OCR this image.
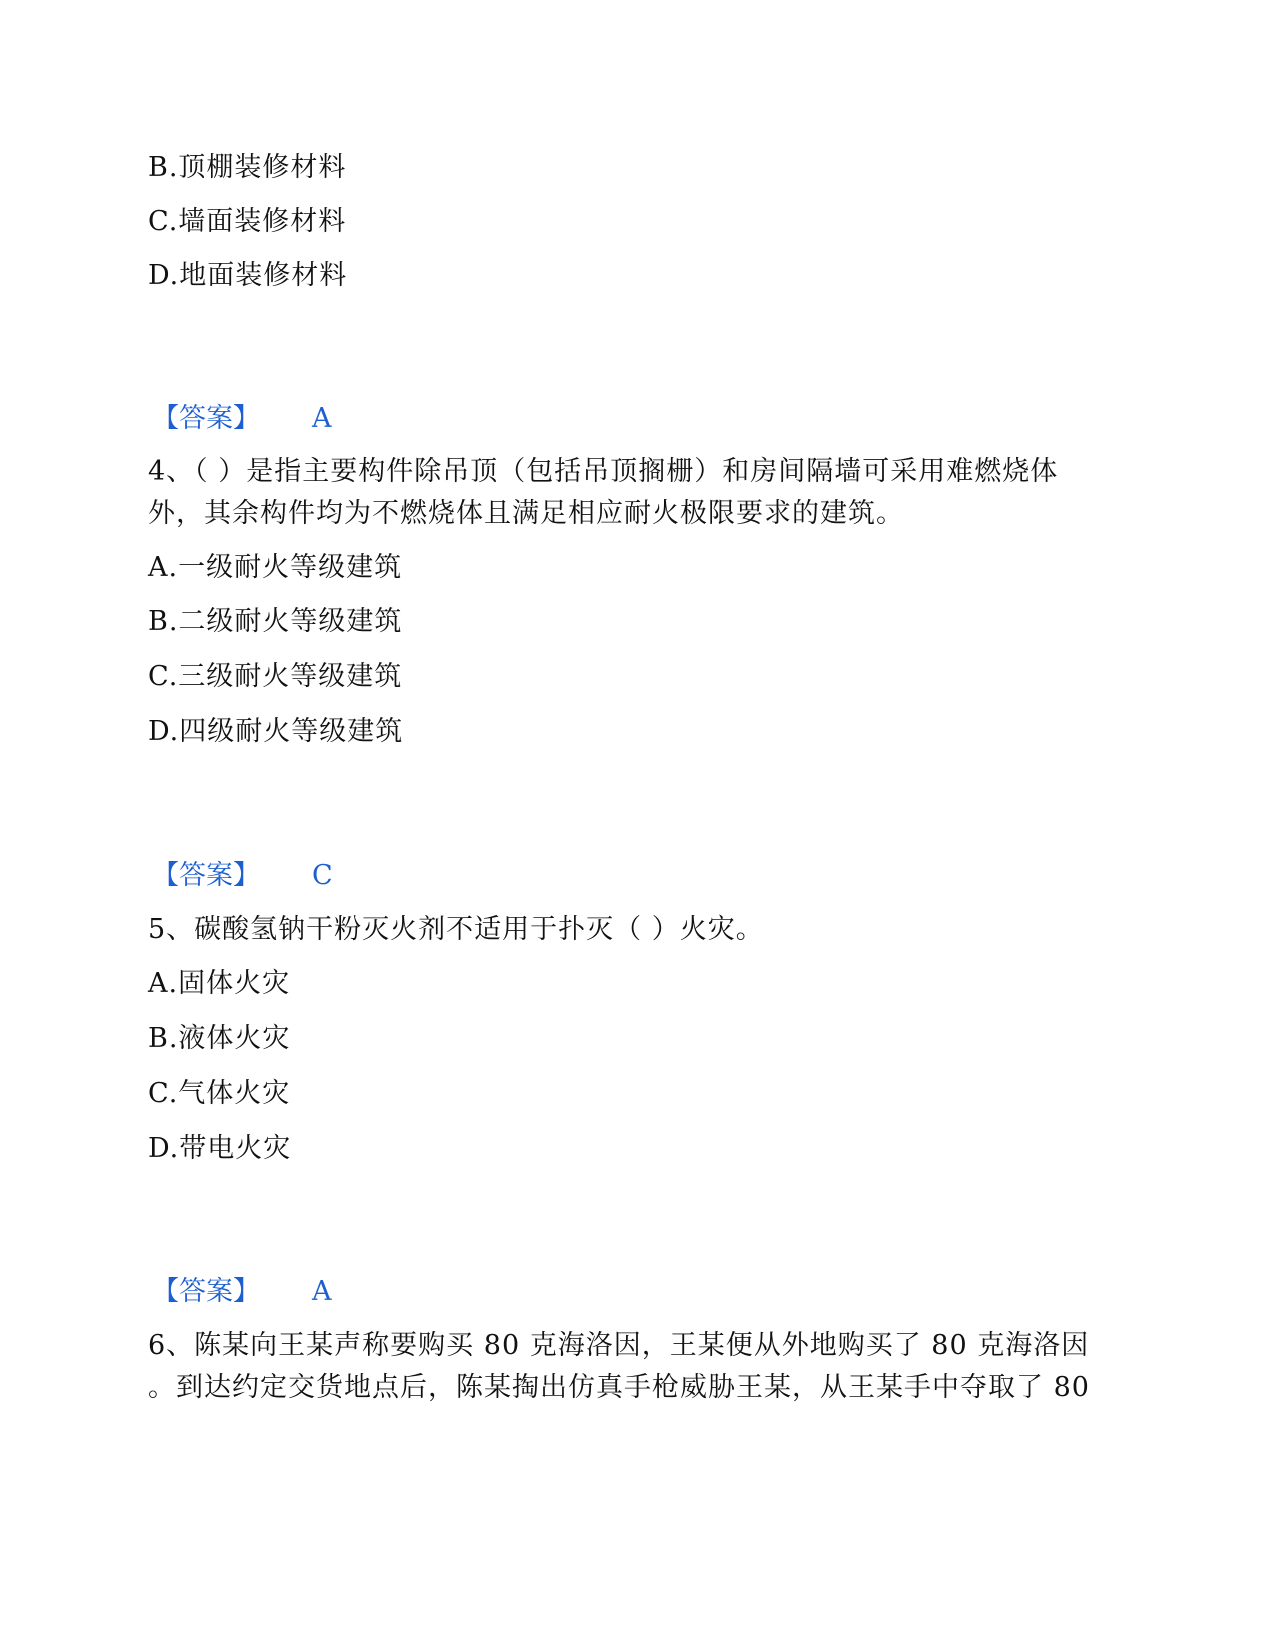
B.顶棚装修材料
C.墙面装修材料
D.地面装修材料
【答案】 A
4、（ ）是指主要构件除吊顶（包括吊顶搁栅）和房间隔墙可采用难燃烧体
外，其余构件均为不燃烧体且满足相应耐火极限要求的建筑。
A.一级耐火等级建筑
B.二级耐火等级建筑
C.三级耐火等级建筑
D.四级耐火等级建筑
【答案】 C
5、碳酸氢钠干粉灭火剂不适用于扑灭（ ）火灾。
A.固体火灾
B.液体火灾
C.气体火灾
D.带电火灾
【答案】 A
6、陈某向王某声称要购买 80 克海洛因，王某便从外地购买了 80 克海洛因
。到达约定交货地点后，陈某掏出仿真手枪威胁王某，从王某手中夺取了 80
